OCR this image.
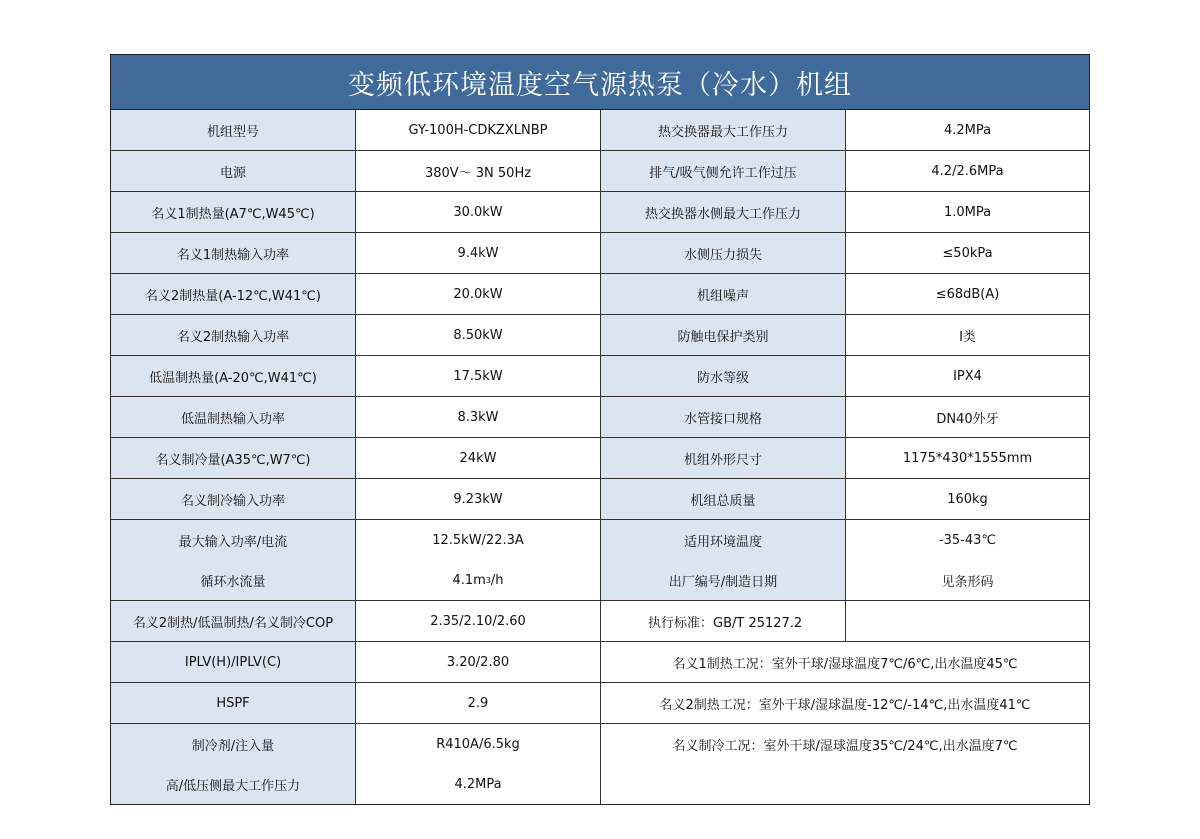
变频低环境温度空气源热泵（冷水）机组
机组型号	GY-100H-CDKZXLNBP	热交换器最大工作压力	4.2MPa
电源	380V～ 3N 50Hz	排气/吸气侧允许工作过压	4.2/2.6MPa
名义1制热量(A7℃,W45℃)	30.0kW	热交换器水侧最大工作压力	1.0MPa
名义1制热输入功率	9.4kW	水侧压力损失	≤50kPa
名义2制热量(A-12℃,W41℃)	20.0kW	机组噪声	≤68dB(A)
名义2制热输入功率	8.50kW	防触电保护类别	I类
低温制热量(A-20℃,W41℃)	17.5kW	防水等级	IPX4
低温制热输入功率	8.3kW	水管接口规格	DN40外牙
名义制冷量(A35℃,W7℃)	24kW	机组外形尺寸	1175*430*1555mm
名义制冷输入功率	9.23kW	机组总质量	160kg
最大输入功率/电流	12.5kW/22.3A	适用环境温度	-35-43℃
循环水流量	4.1m 3 /h	出厂编号/制造日期	见条形码
名义2制热/低温制热/名义制冷COP	2.35/2.10/2.60	执行标准：GB/T 25127.2
IPLV(H)/IPLV(C)	3.20/2.80	名义1制热工况：室外干球/湿球温度7℃/6℃,出水温度45℃
HSPF	2.9	名义2制热工况：室外干球/湿球温度-12℃/-14℃,出水温度41℃
制冷剂/注入量	R410A/6.5kg	名义制冷工况：室外干球/湿球温度35℃/24℃,出水温度7℃
高/低压侧最大工作压力	4.2MPa
